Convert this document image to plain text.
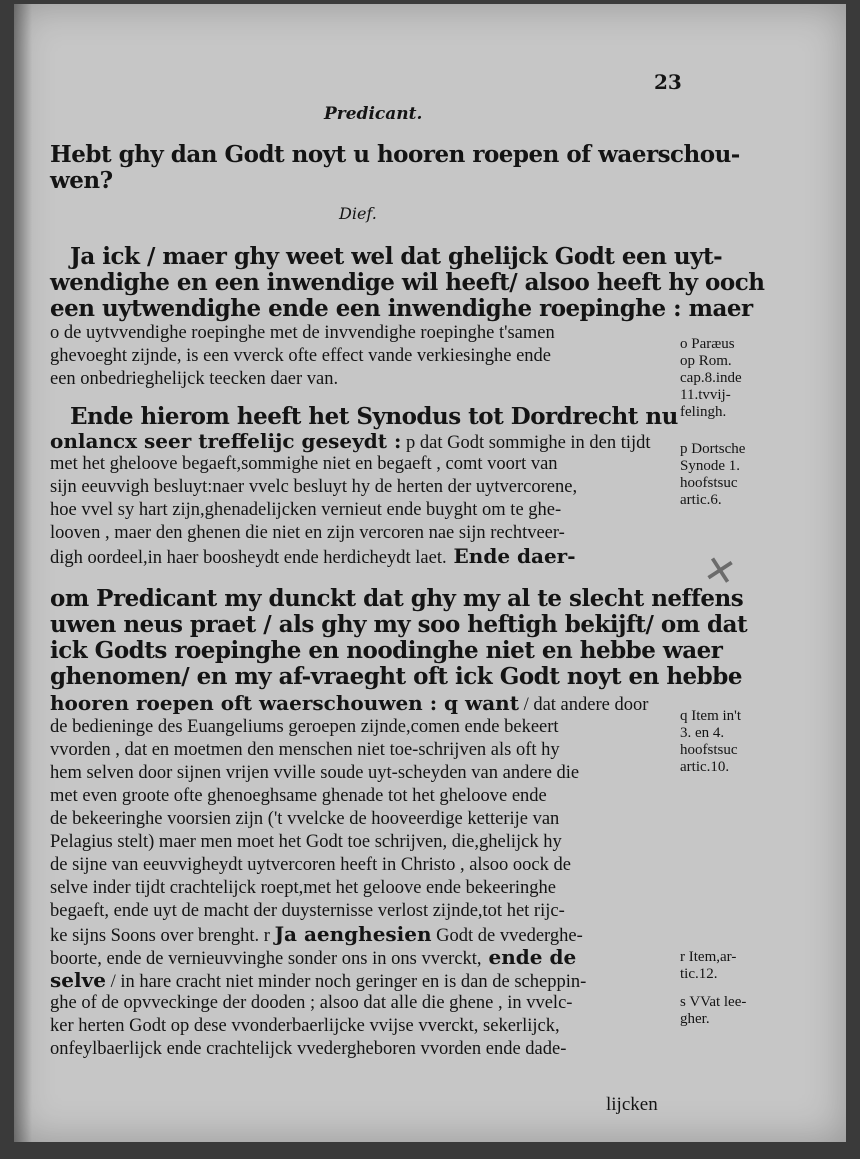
23
Predicant.
Hebt ghy dan Godt noyt u hooren roepen of waerschou-
wen?
Dief.
Ja ick / maer ghy weet wel dat ghelijck Godt een uyt-
wendighe en een inwendige wil heeft/ alsoo heeft hy ooch
een uytwendighe ende een inwendighe roepinghe : maer
o de uytvvendighe roepinghe met de invvendighe roepinghe t'samen
ghevoeght zijnde, is een vverck ofte effect vande verkiesinghe ende
een onbedrieghelijck teecken daer van.
Ende hierom heeft het Synodus tot Dordrecht nu
onlancx seer treffelijc geseydt : p dat Godt sommighe in den tijdt
met het gheloove begaeft,sommighe niet en begaeft , comt voort van
sijn eeuvvigh besluyt:naer vvelc besluyt hy de herten der uytvercorene,
hoe vvel sy hart zijn,ghenadelijcken vernieut ende buyght om te ghe-
looven , maer den ghenen die niet en zijn vercoren nae sijn rechtveer-
digh oordeel,in haer boosheydt ende herdicheydt laet. Ende daer-
om Predicant my dunckt dat ghy my al te slecht neffens
uwen neus praet / als ghy my soo heftigh bekijft/ om dat
ick Godts roepinghe en noodinghe niet en hebbe waer
ghenomen/ en my af-vraeght oft ick Godt noyt en hebbe
hooren roepen oft waerschouwen : q want / dat andere door
de bedieninge des Euangeliums geroepen zijnde,comen ende bekeert
vvorden , dat en moetmen den menschen niet toe-schrijven als oft hy
hem selven door sijnen vrijen vville soude uyt-scheyden van andere die
met even groote ofte ghenoeghsame ghenade tot het gheloove ende
de bekeeringhe voorsien zijn ('t vvelcke de hooveerdige ketterije van
Pelagius stelt) maer men moet het Godt toe schrijven, die,ghelijck hy
de sijne van eeuvvigheydt uytvercoren heeft in Christo , alsoo oock de
selve inder tijdt crachtelijck roept,met het geloove ende bekeeringhe
begaeft, ende uyt de macht der duysternisse verlost zijnde,tot het rijc-
ke sijns Soons over brenght. r Ja aenghesien Godt de vvederghe-
boorte, ende de vernieuvvinghe sonder ons in ons vverckt, ende de
selve / in hare cracht niet minder noch geringer en is dan de scheppin-
ghe of de opvveckinge der dooden ; alsoo dat alle die ghene , in vvelc-
ker herten Godt op dese vvonderbaerlijcke vvijse vverckt, sekerlijck,
onfeylbaerlijck ende crachtelijck vvedergheboren vvorden ende dade-
lijcken
o Paræus
op Rom.
cap.8.inde
11.tvvij-
felingh.
p Dortsche
Synode 1.
hoofstsuc
artic.6.
q Item in't
3. en 4.
hoofstsuc
artic.10.
r Item,ar-
tic.12.
s VVat lee-
gher.
✕
